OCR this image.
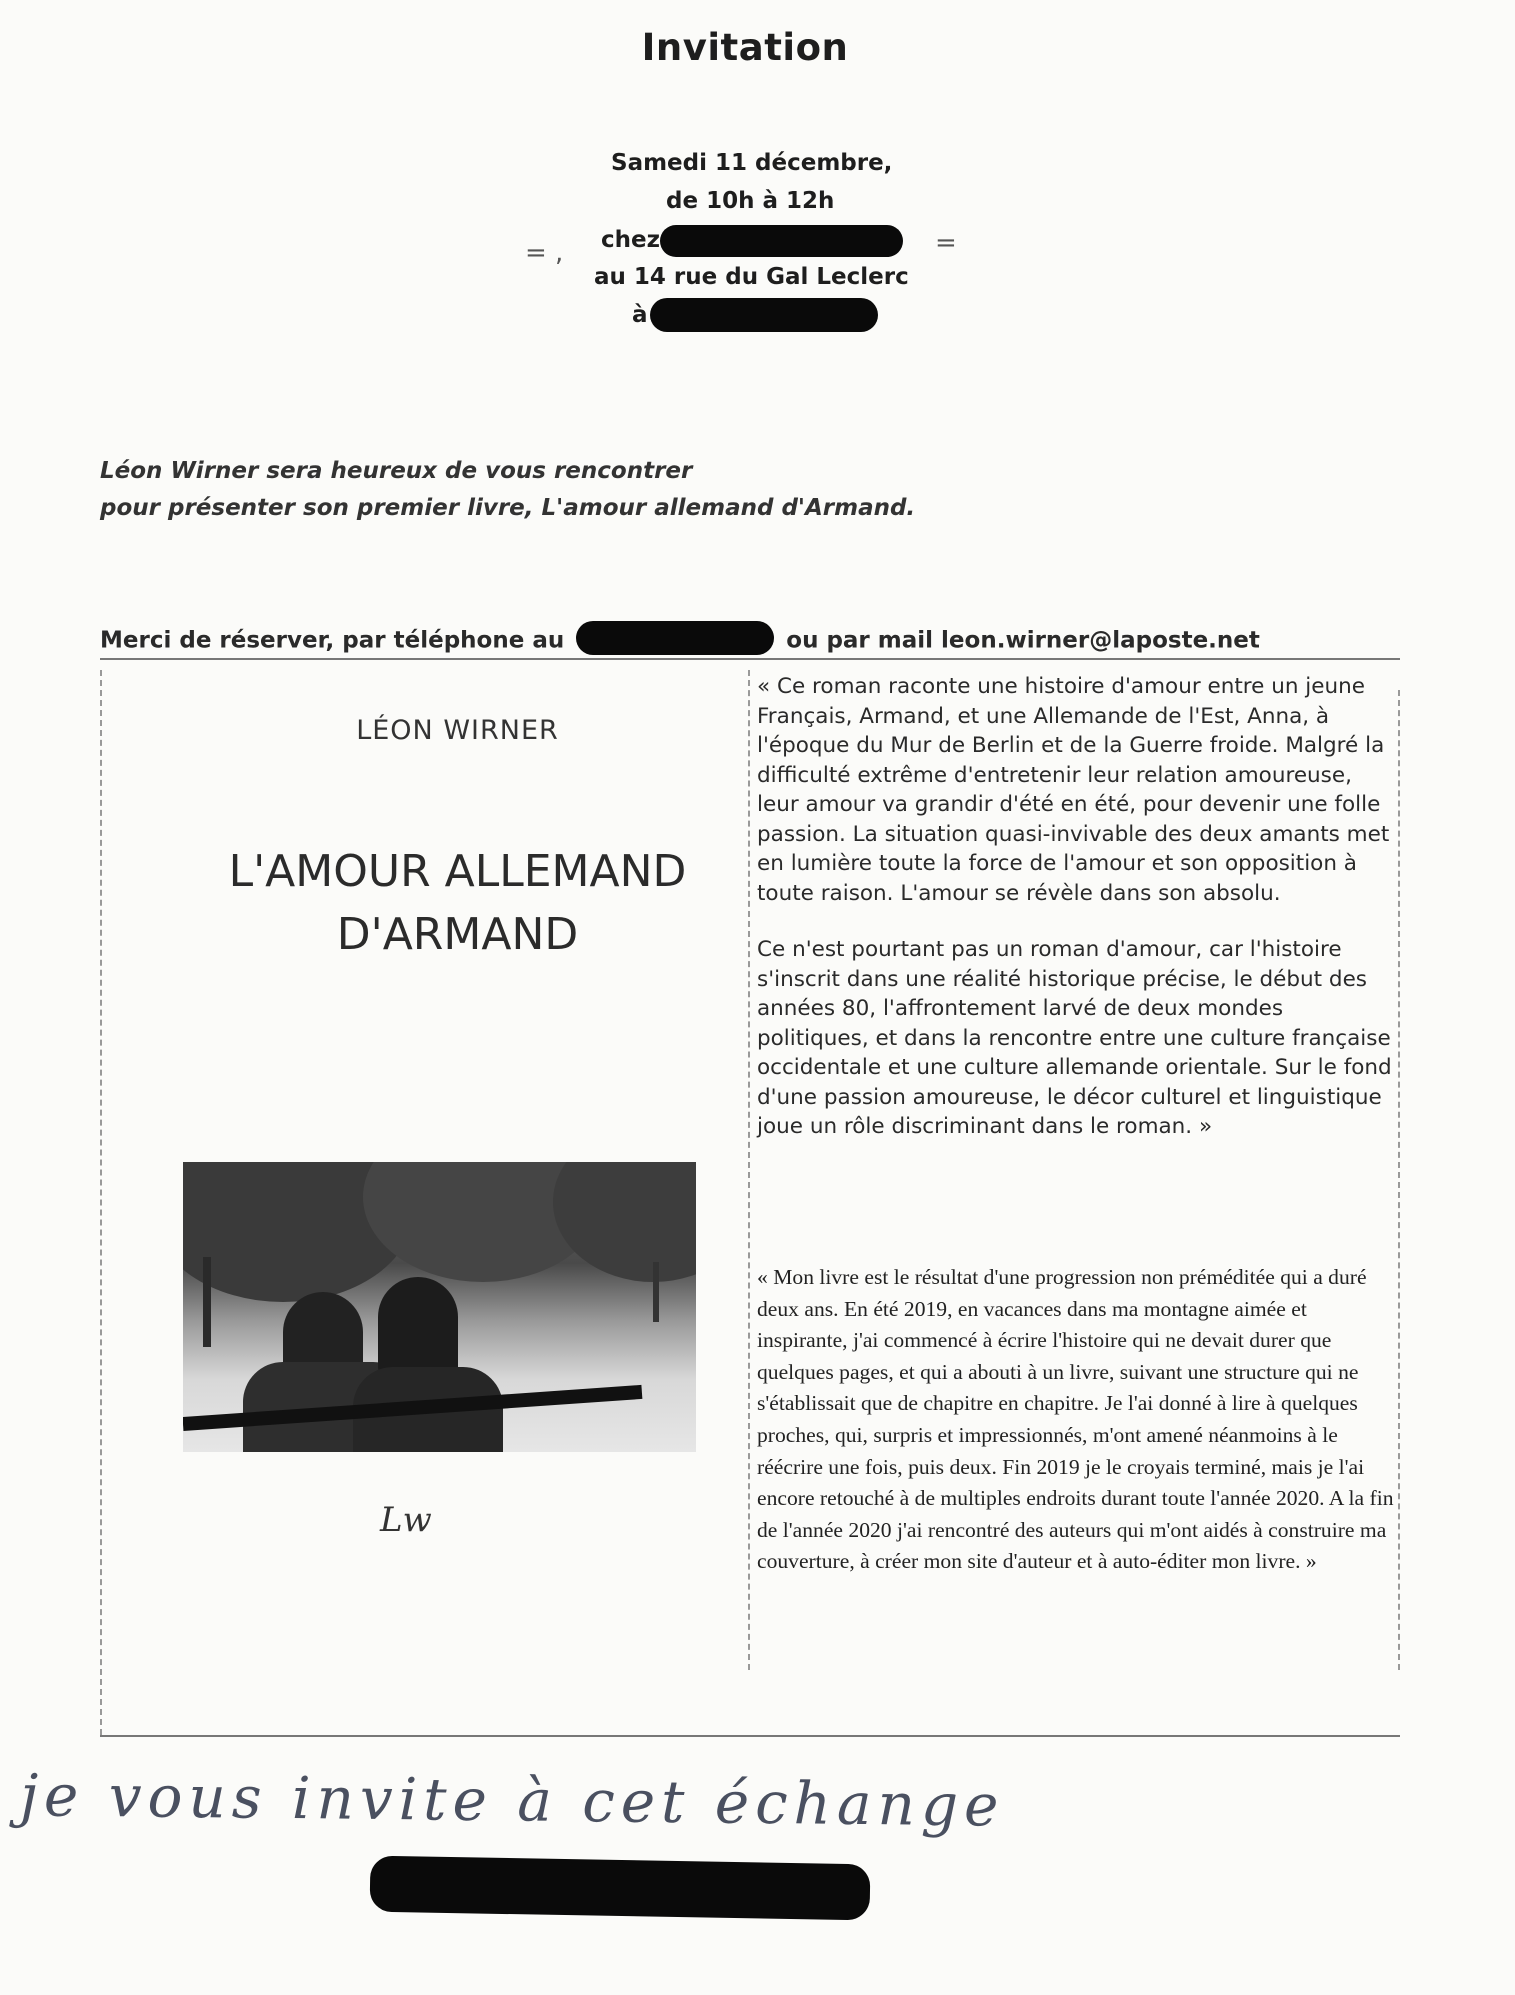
Invitation
Samedi 11 décembre,
de 10h à 12h
chez
au 14 rue du Gal Leclerc
à
= ,	=
Léon Wirner sera heureux de vous rencontrer
pour présenter son premier livre, L'amour allemand d'Armand.
Merci de réserver, par téléphone au	ou par mail leon.wirner@laposte.net
LÉON WIRNER
L'AMOUR ALLEMAND
D'ARMAND
Lw

« Ce roman raconte une histoire d'amour entre un jeune Français, Armand, et une Allemande de l'Est, Anna, à l'époque du Mur de Berlin et de la Guerre froide. Malgré la difficulté extrême d'entretenir leur relation amoureuse, leur amour va grandir d'été en été, pour devenir une folle passion. La situation quasi-invivable des deux amants met en lumière toute la force de l'amour et son opposition à toute raison. L'amour se révèle dans son absolu.

Ce n'est pourtant pas un roman d'amour, car l'histoire s'inscrit dans une réalité historique précise, le début des années 80, l'affrontement larvé de deux mondes politiques, et dans la rencontre entre une culture française occidentale et une culture allemande orientale. Sur le fond d'une passion amoureuse, le décor culturel et linguistique joue un rôle discriminant dans le roman. »

« Mon livre est le résultat d'une progression non préméditée qui a duré deux ans. En été 2019, en vacances dans ma montagne aimée et inspirante, j'ai commencé à écrire l'histoire qui ne devait durer que quelques pages, et qui a abouti à un livre, suivant une structure qui ne s'établissait que de chapitre en chapitre. Je l'ai donné à lire à quelques proches, qui, surpris et impressionnés, m'ont amené néanmoins à le réécrire une fois, puis deux. Fin 2019 je le croyais terminé, mais je l'ai encore retouché à de multiples endroits durant toute l'année 2020. A la fin de l'année 2020 j'ai rencontré des auteurs qui m'ont aidés à construire ma couverture, à créer mon site d'auteur et à auto-éditer mon livre. »
je vous invite à cet échange
